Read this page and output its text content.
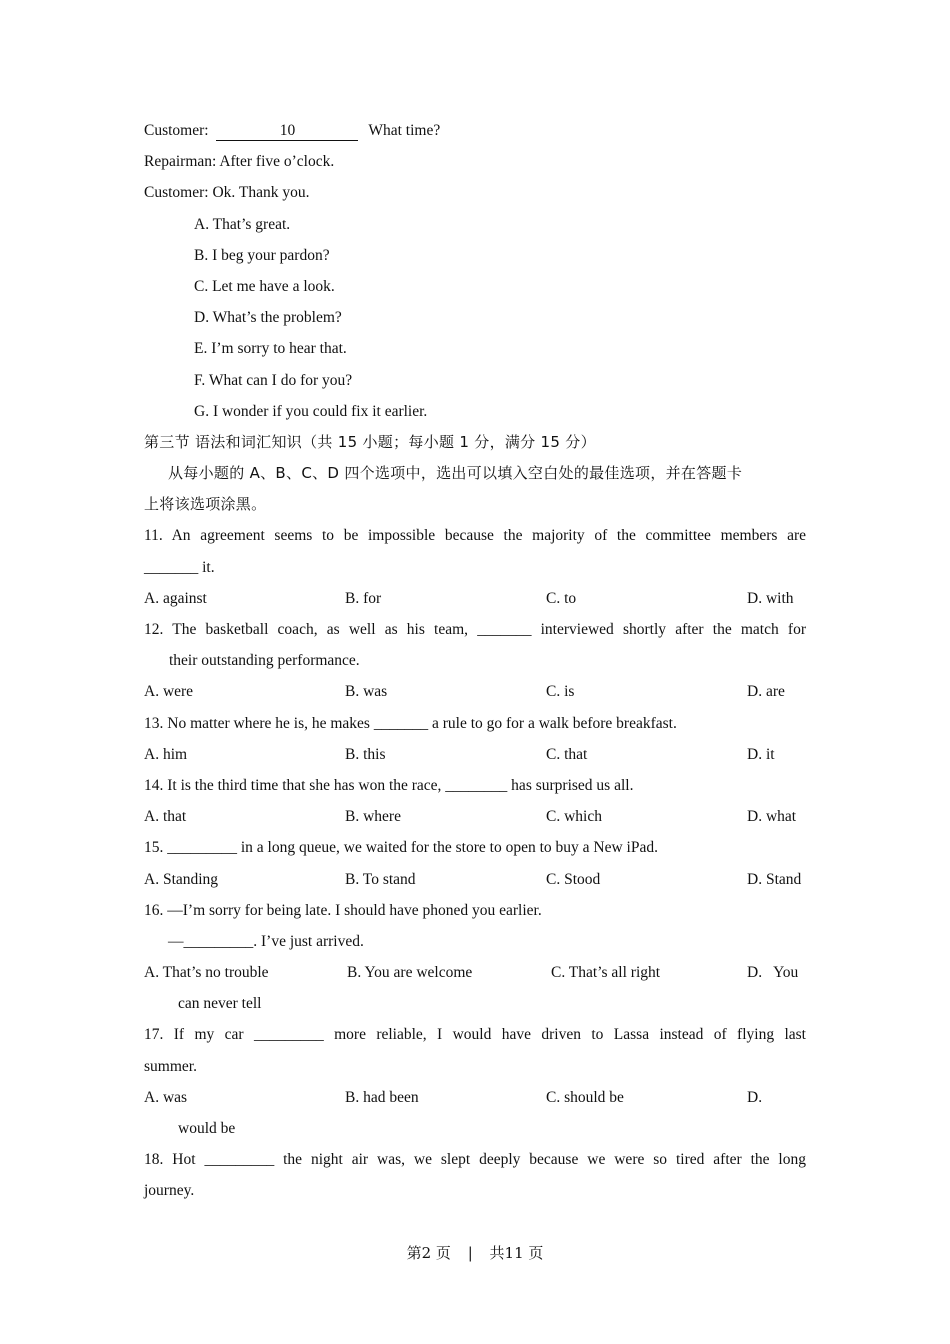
Customer:	10	What time?
Repairman: After five o’clock.
Customer: Ok. Thank you.
A. That’s great.
B. I beg your pardon?
C. Let me have a look.
D. What’s the problem?
E. I’m sorry to hear that.
F. What can I do for you?
G. I wonder if you could fix it earlier.
第三节 语法和词汇知识（共 15 小题；每小题 1 分，满分 15 分）
从每小题的 A、B、C、D 四个选项中，选出可以填入空白处的最佳选项，并在答题卡
上将该选项涂黑。
11. An agreement seems to be impossible because the majority of the committee members are
_______ it.
A. against	B. for	C. to	D. with
12. The basketball coach, as well as his team, _______ interviewed shortly after the match for
their outstanding performance.
A. were	B. was	C. is	D. are
13. No matter where he is, he makes _______ a rule to go for a walk before breakfast.
A. him	B. this	C. that	D. it
14. It is the third time that she has won the race, ________ has surprised us all.
A. that	B. where	C. which	D. what
15. _________ in a long queue, we waited for the store to open to buy a New iPad.
A. Standing	B. To stand	C. Stood	D. Stand
16. —I’m sorry for being late. I should have phoned you earlier.
—_________. I’ve just arrived.
A. That’s no trouble	B. You are welcome	C. That’s all right	D.   You
can never tell
17. If my car _________ more reliable, I would have driven to Lassa instead of flying last
summer.
A. was	B. had been	C. should be	D.
would be
18. Hot _________ the night air was, we slept deeply because we were so tired after the long
journey.
第2 页 | 共11 页
